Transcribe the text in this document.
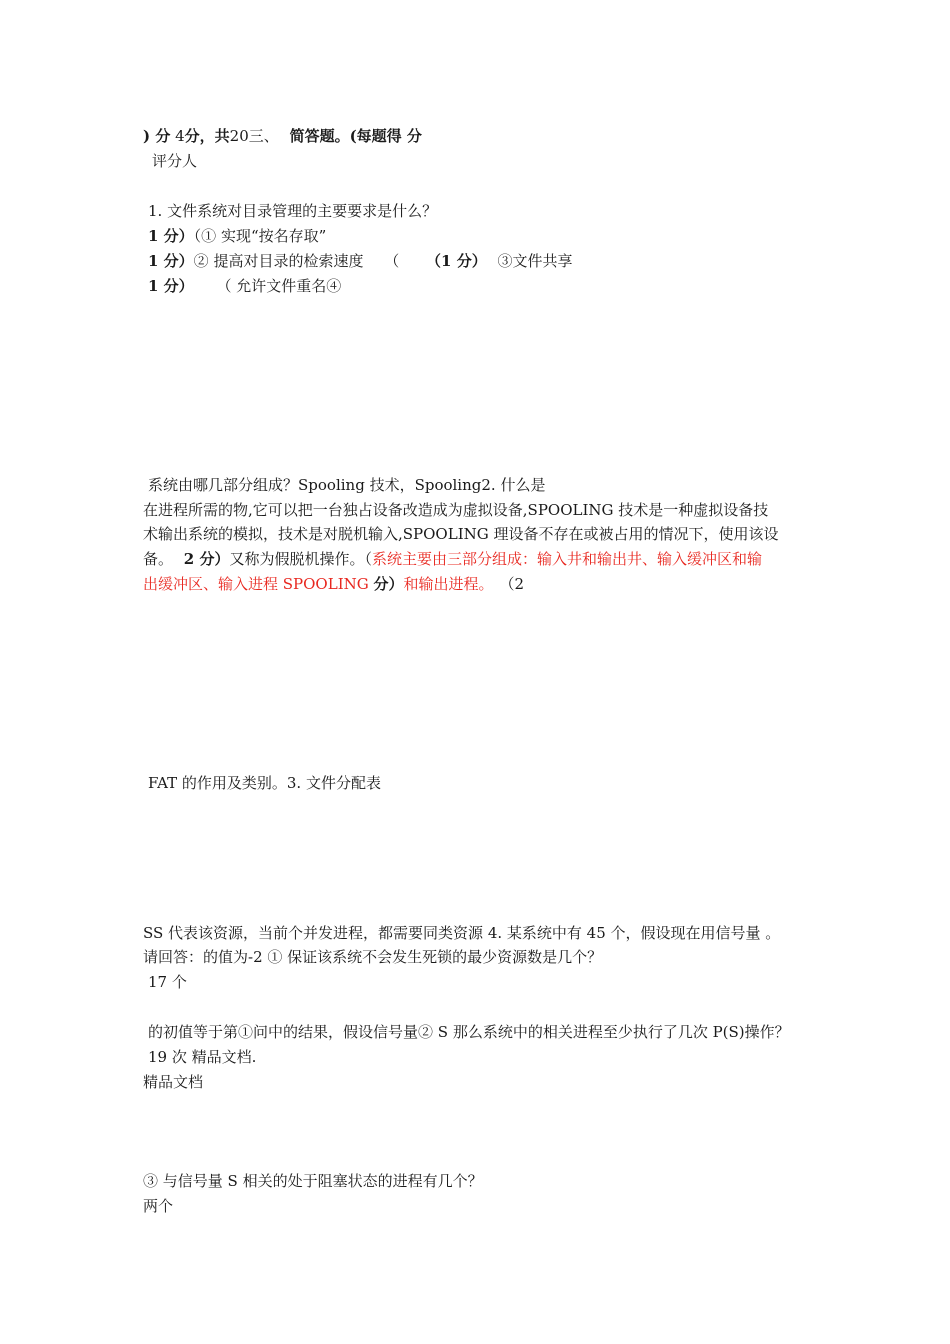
) 分 4分，共20三、 简答题。(每题得 分
评分人
1. 文件系统对目录管理的主要要求是什么？
1 分）（① 实现“按名存取”
1 分）② 提高对目录的检索速度 （ （1 分） ③文件共享
1 分） （ 允许文件重名④
系统由哪几部分组成？Spooling 技术，Spooling2. 什么是
在进程所需的物,它可以把一台独占设备改造成为虚拟设备,SPOOLING 技术是一种虚拟设备技
术输出系统的模拟，技术是对脱机输入,SPOOLING 理设备不存在或被占用的情况下，使用该设
备。 2 分）又称为假脱机操作。（系统主要由三部分组成：输入井和输出井、输入缓冲区和输
出缓冲区、输入进程 SPOOLING 分）和输出进程。 （2
FAT 的作用及类别。3. 文件分配表
SS 代表该资源，当前个并发进程，都需要同类资源 4. 某系统中有 45 个，假设现在用信号量 。
请回答：的值为-2 ① 保证该系统不会发生死锁的最少资源数是几个？
17 个
的初值等于第①问中的结果，假设信号量② S 那么系统中的相关进程至少执行了几次 P(S)操作？
19 次 精品文档.
精品文档
③ 与信号量 S 相关的处于阻塞状态的进程有几个？
两个
